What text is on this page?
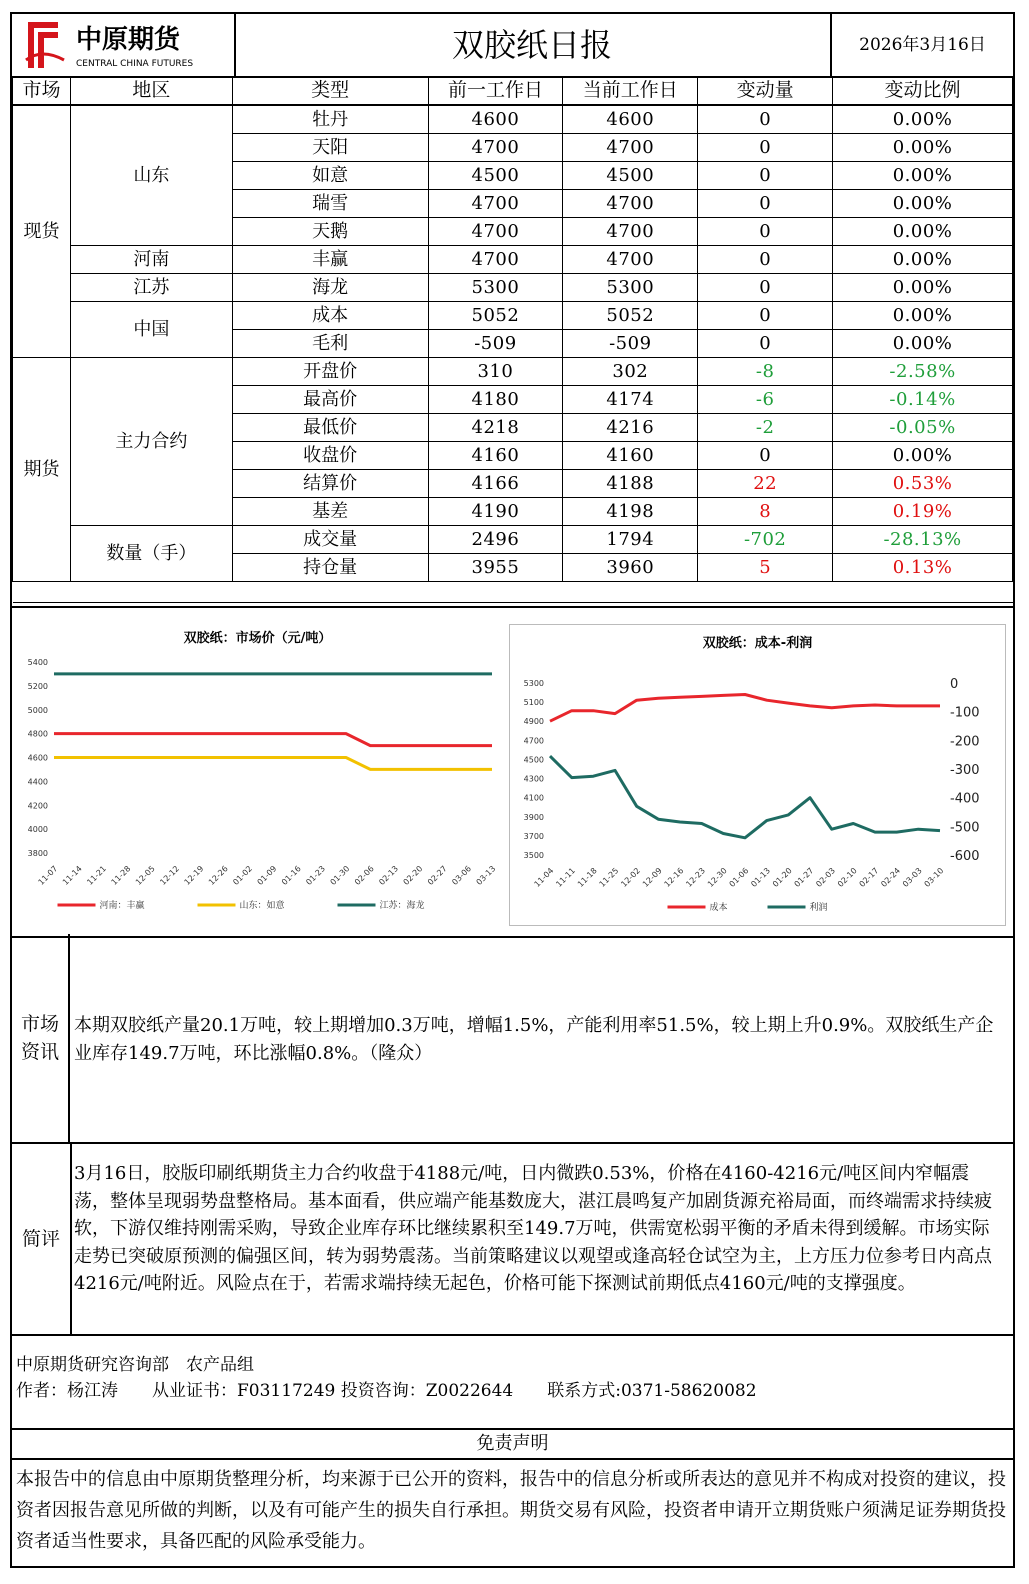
中原期货
CENTRAL CHINA FUTURES	双胶纸日报	2026年3月16日
市场	地区	类型	前一工作日	当前工作日	变动量	变动比例
现货	山东	牡丹	4600	4600	0	0.00%
		天阳	4700	4700	0	0.00%
		如意	4500	4500	0	0.00%
		瑞雪	4700	4700	0	0.00%
		天鹅	4700	4700	0	0.00%
	河南	丰赢	4700	4700	0	0.00%
	江苏	海龙	5300	5300	0	0.00%
	中国	成本	5052	5052	0	0.00%
		毛利	-509	-509	0	0.00%
期货	主力合约	开盘价	310	302	-8	-2.58%
		最高价	4180	4174	-6	-0.14%
		最低价	4218	4216	-2	-0.05%
		收盘价	4160	4160	0	0.00%
		结算价	4166	4188	22	0.53%
		基差	4190	4198	8	0.19%
	数量（手）	成交量	2496	1794	-702	-28.13%
		持仓量	3955	3960	5	0.13%

双胶纸：市场价（元/吨）
3800
4000
4200
4400
4600
4800
5000
5200
5400
11-07 11-14 11-21 11-28 12-05 12-12 12-19 12-26 01-02 01-09 01-16 01-23 01-30 02-06 02-13 02-20 02-27 03-06 03-13
河南：丰赢	山东：如意	江苏：海龙
双胶纸：成本-利润
3500
3700
3900
4100
4300
4500
4700
4900
5100
5300	0
-100
-200
-300
-400
-500
-600
11-04
11-11
11-18
11-25
12-02
12-09
12-16
12-23
12-30
01-06
01-13
01-20
01-27
02-03
02-10
02-17
02-24
03-03
03-10
成本	利润
市场资讯
本期双胶纸产量20.1万吨，较上期增加0.3万吨，增幅1.5%，产能利用率51.5%，较上期上升0.9%。双胶纸生产企业库存149.7万吨，环比涨幅0.8%。（隆众）
简评
3月16日，胶版印刷纸期货主力合约收盘于4188元/吨，日内微跌0.53%，价格在4160-4216元/吨区间内窄幅震荡，整体呈现弱势盘整格局。基本面看，供应端产能基数庞大，湛江晨鸣复产加剧货源充裕局面，而终端需求持续疲软，下游仅维持刚需采购，导致企业库存环比继续累积至149.7万吨，供需宽松弱平衡的矛盾未得到缓解。市场实际走势已突破原预测的偏强区间，转为弱势震荡。当前策略建议以观望或逢高轻仓试空为主，上方压力位参考日内高点4216元/吨附近。风险点在于，若需求端持续无起色，价格可能下探测试前期低点4160元/吨的支撑强度。
中原期货研究咨询部　农产品组
作者：杨江涛　　从业证书：F03117249 投资咨询：Z0022644　　联系方式:0371-58620082
免责声明
本报告中的信息由中原期货整理分析，均来源于已公开的资料，报告中的信息分析或所表达的意见并不构成对投资的建议，投资者因报告意见所做的判断，以及有可能产生的损失自行承担。期货交易有风险，投资者申请开立期货账户须满足证券期货投资者适当性要求，具备匹配的风险承受能力。
